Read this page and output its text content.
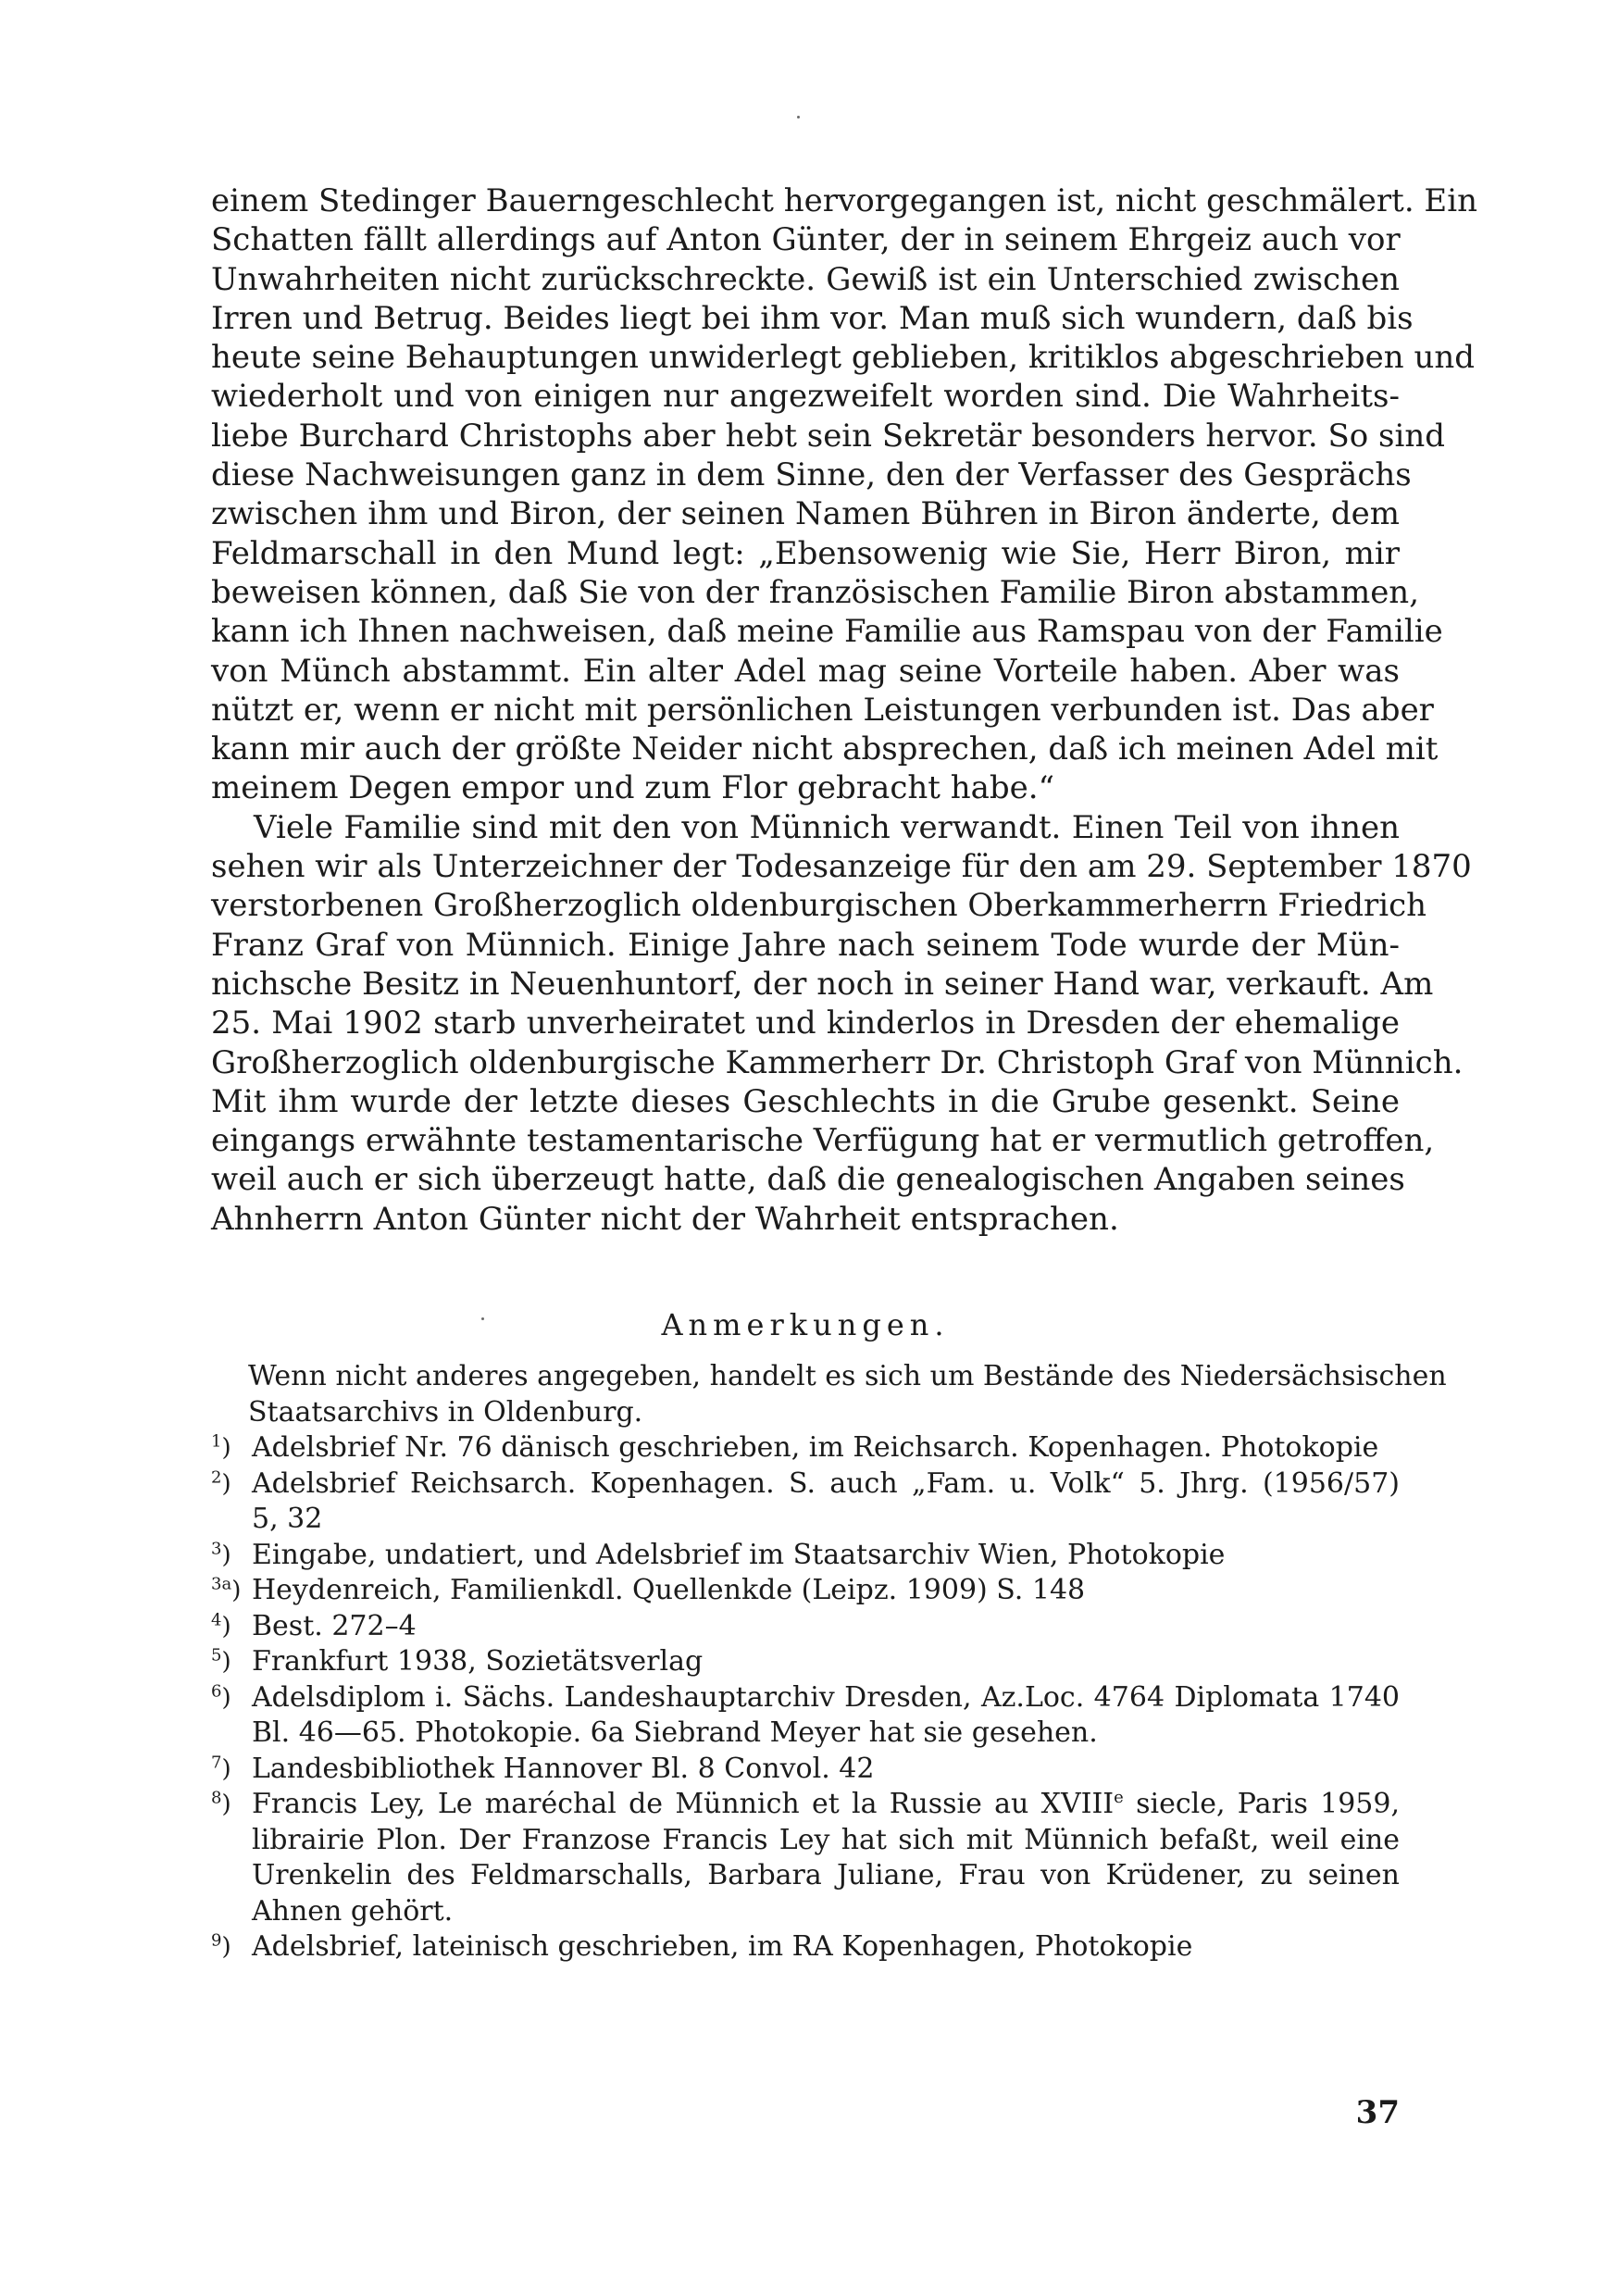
einem Stedinger Bauerngeschlecht hervorgegangen ist, nicht geschmälert. Ein
Schatten fällt allerdings auf Anton Günter, der in seinem Ehrgeiz auch vor
Unwahrheiten nicht zurückschreckte. Gewiß ist ein Unterschied zwischen
Irren und Betrug. Beides liegt bei ihm vor. Man muß sich wundern, daß bis
heute seine Behauptungen unwiderlegt geblieben, kritiklos abgeschrieben und
wiederholt und von einigen nur angezweifelt worden sind. Die Wahrheits-
liebe Burchard Christophs aber hebt sein Sekretär besonders hervor. So sind
diese Nachweisungen ganz in dem Sinne, den der Verfasser des Gesprächs
zwischen ihm und Biron, der seinen Namen Bühren in Biron änderte, dem
Feldmarschall in den Mund legt: „Ebensowenig wie Sie, Herr Biron, mir
beweisen können, daß Sie von der französischen Familie Biron abstammen,
kann ich Ihnen nachweisen, daß meine Familie aus Ramspau von der Familie
von Münch abstammt. Ein alter Adel mag seine Vorteile haben. Aber was
nützt er, wenn er nicht mit persönlichen Leistungen verbunden ist. Das aber
kann mir auch der größte Neider nicht absprechen, daß ich meinen Adel mit
meinem Degen empor und zum Flor gebracht habe.“
Viele Familie sind mit den von Münnich verwandt. Einen Teil von ihnen
sehen wir als Unterzeichner der Todesanzeige für den am 29. September 1870
verstorbenen Großherzoglich oldenburgischen Oberkammerherrn Friedrich
Franz Graf von Münnich. Einige Jahre nach seinem Tode wurde der Mün-
nichsche Besitz in Neuenhuntorf, der noch in seiner Hand war, verkauft. Am
25. Mai 1902 starb unverheiratet und kinderlos in Dresden der ehemalige
Großherzoglich oldenburgische Kammerherr Dr. Christoph Graf von Münnich.
Mit ihm wurde der letzte dieses Geschlechts in die Grube gesenkt. Seine
eingangs erwähnte testamentarische Verfügung hat er vermutlich getroffen,
weil auch er sich überzeugt hatte, daß die genealogischen Angaben seines
Ahnherrn Anton Günter nicht der Wahrheit entsprachen.
Anmerkungen.
Wenn nicht anderes angegeben, handelt es sich um Bestände des Niedersächsischen
Staatsarchivs in Oldenburg.
$^1$) Adelsbrief Nr. 76 dänisch geschrieben, im Reichsarch. Kopenhagen. Photokopie
$^2$) Adelsbrief Reichsarch. Kopenhagen. S. auch „Fam. u. Volk“ 5. Jhrg. (1956/57)
5, 32
$^3$) Eingabe, undatiert, und Adelsbrief im Staatsarchiv Wien, Photokopie
$^{3a}$) Heydenreich, Familienkdl. Quellenkde (Leipz. 1909) S. 148
$^4$) Best. 272–4
$^5$) Frankfurt 1938, Sozietätsverlag
$^6$) Adelsdiplom i. Sächs. Landeshauptarchiv Dresden, Az.Loc. 4764 Diplomata 1740
Bl. 46—65. Photokopie. 6a Siebrand Meyer hat sie gesehen.
$^7$) Landesbibliothek Hannover Bl. 8 Convol. 42
$^8$) Francis Ley, Le maréchal de Münnich et la Russie au XVIIIe siecle, Paris 1959,
librairie Plon. Der Franzose Francis Ley hat sich mit Münnich befaßt, weil eine
Urenkelin des Feldmarschalls, Barbara Juliane, Frau von Krüdener, zu seinen
Ahnen gehört.
$^9$) Adelsbrief, lateinisch geschrieben, im RA Kopenhagen, Photokopie
37
